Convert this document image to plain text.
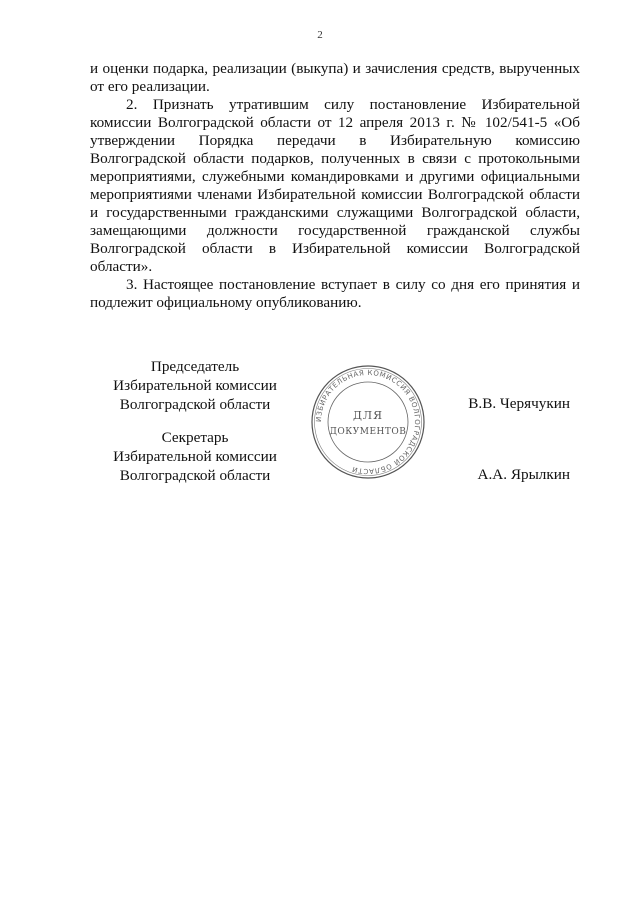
2

и оценки подарка, реализации (выкупа) и зачисления средств, вырученных от его реализации.

2. Признать утратившим силу постановление Избирательной комиссии Волгоградской области от 12 апреля 2013 г. № 102/541-5 «Об утверждении Порядка передачи в Избирательную комиссию Волгоградской области подарков, полученных в связи с протокольными мероприятиями, служебными командировками и другими официальными мероприятиями членами Избирательной комиссии Волгоградской области и государственными гражданскими служащими Волгоградской области, замещающими должности государственной гражданской службы Волгоградской области в Избирательной комиссии Волгоградской области».

3. Настоящее постановление вступает в силу со дня его принятия и подлежит официальному опубликованию.

Председатель
Избирательной комиссии
Волгоградской области	В.В. Черячукин
Секретарь
Избирательной комиссии
Волгоградской области	А.А. Ярылкин
ИЗБИРАТЕЛЬНАЯ КОМИССИЯ ВОЛГОГРАДСКОЙ ОБЛАСТИ
ДЛЯ
ДОКУМЕНТОВ
